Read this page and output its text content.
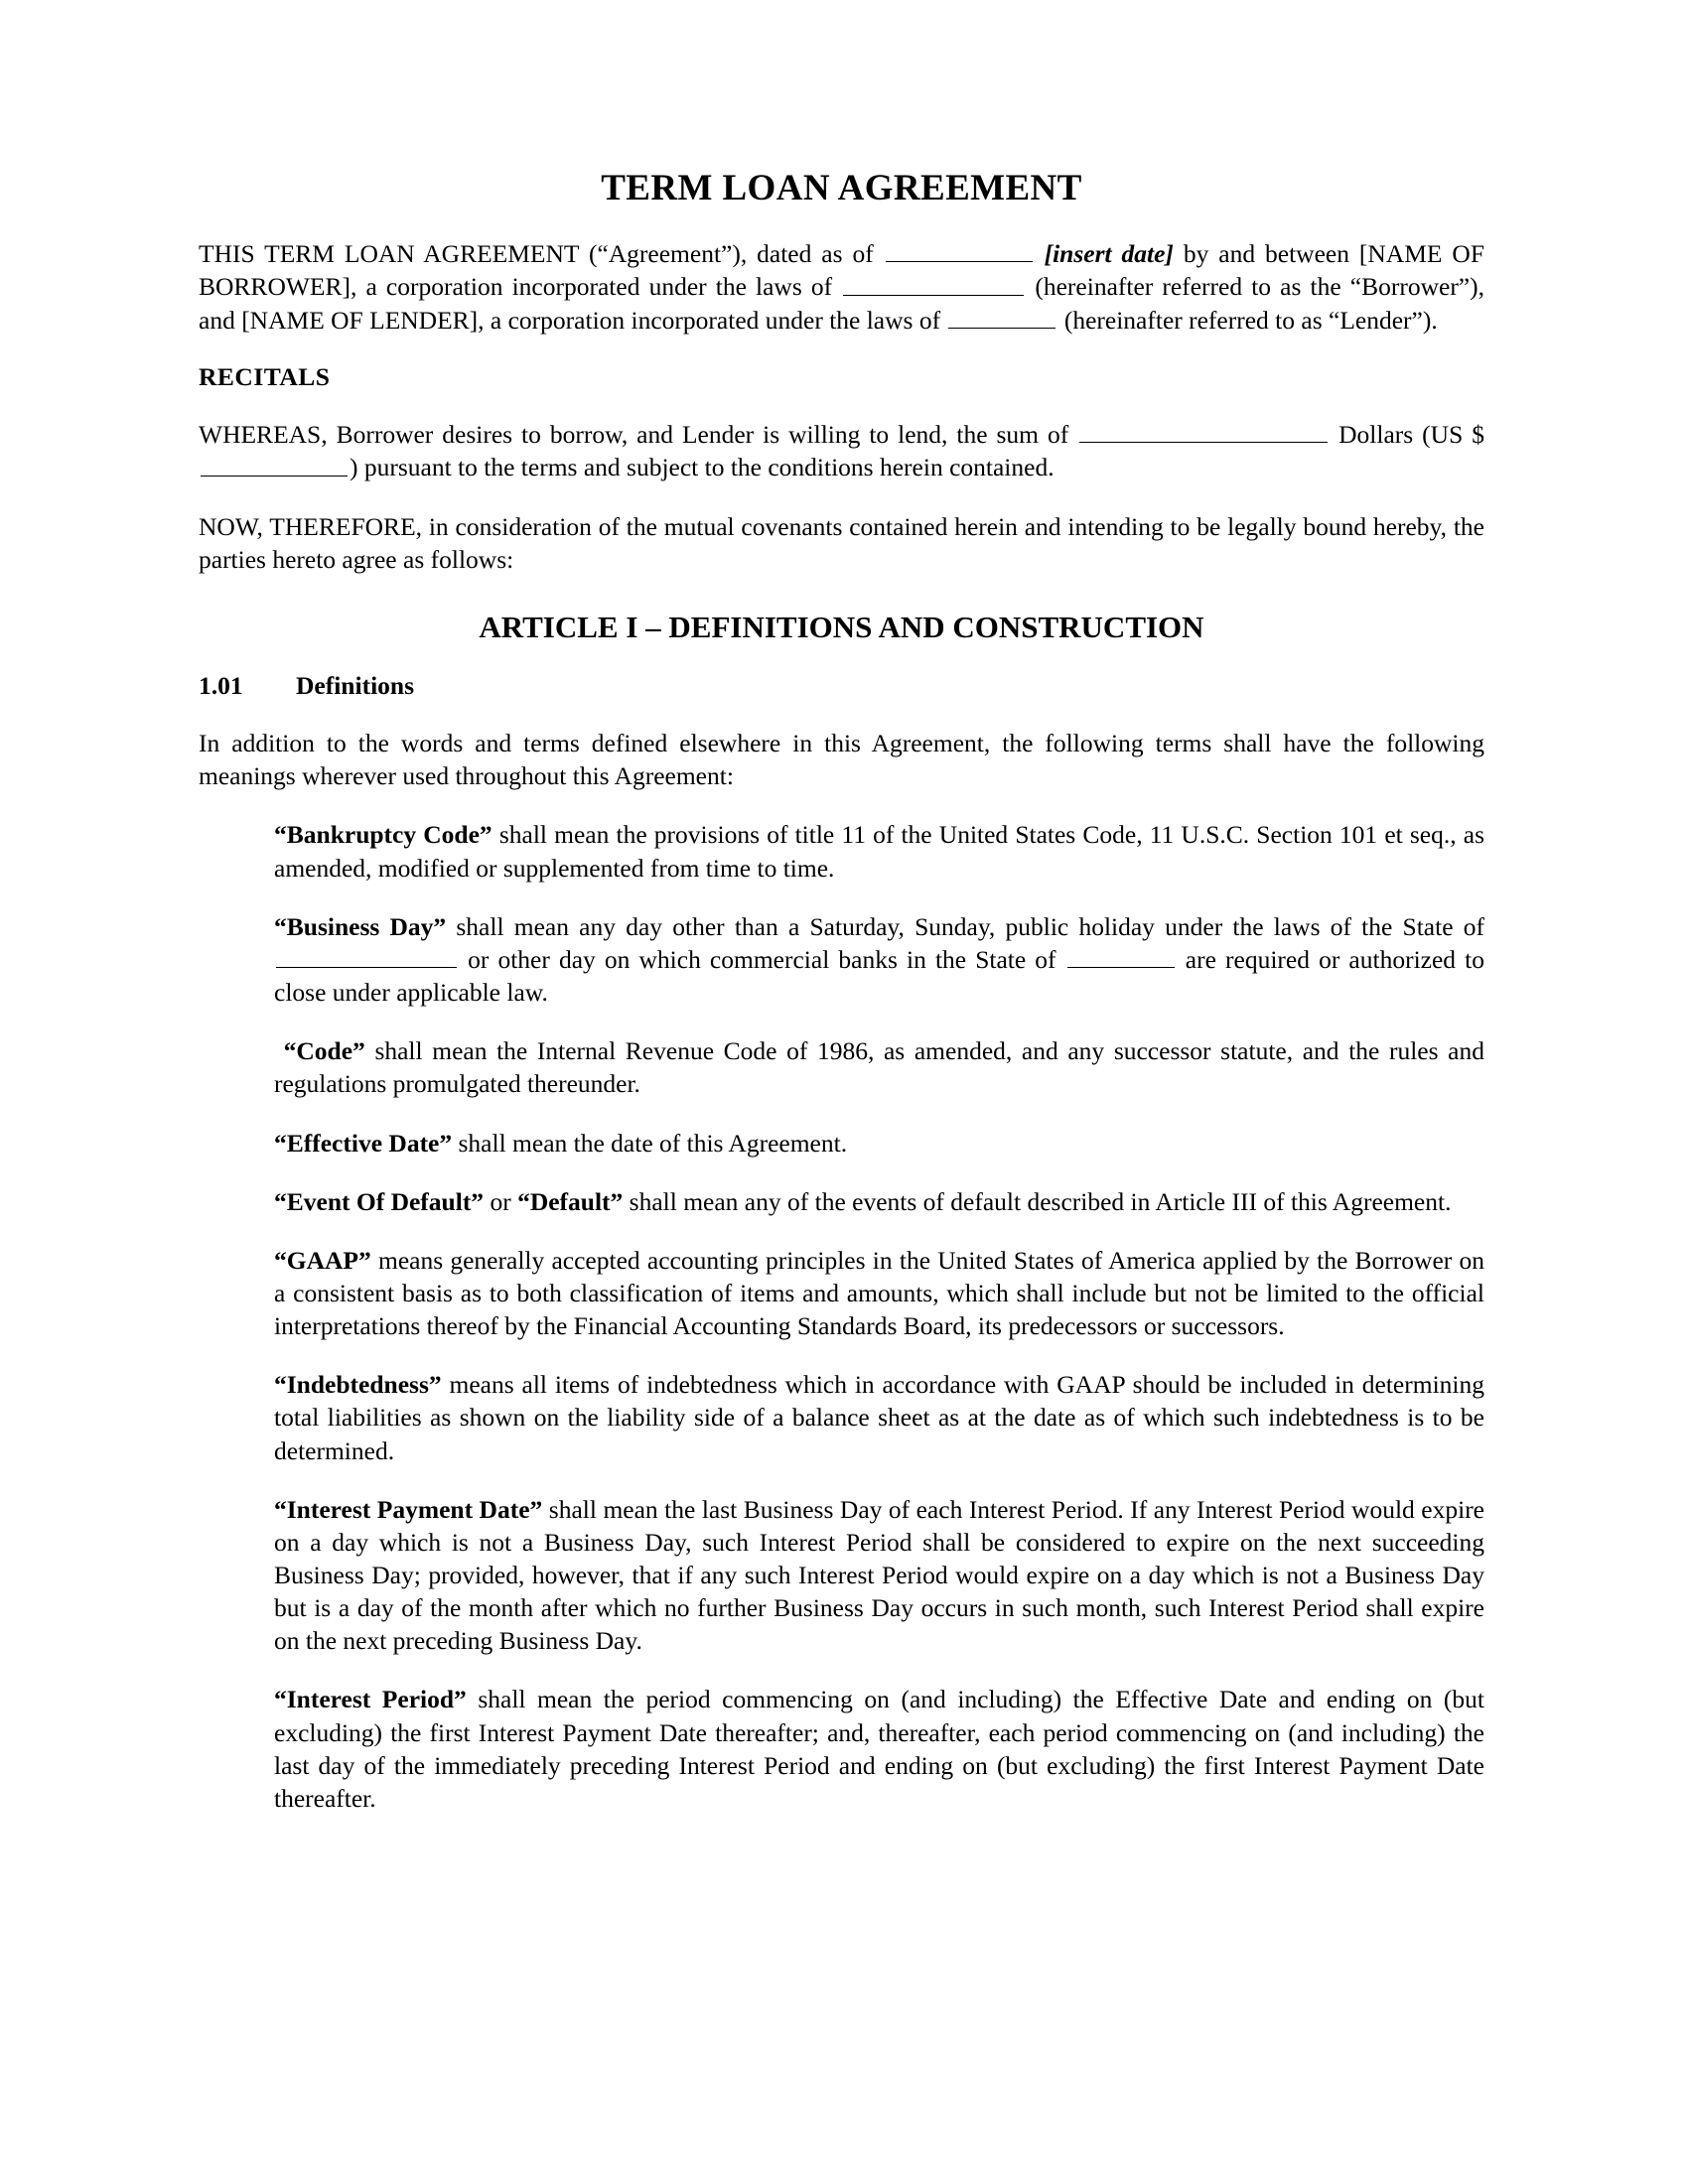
TERM LOAN AGREEMENT

THIS TERM LOAN AGREEMENT (“Agreement”), dated as of	[insert date] by and between [NAME OF BORROWER], a corporation incorporated under the laws of	(hereinafter referred to as the “Borrower”), and [NAME OF LENDER], a corporation incorporated under the laws of	(hereinafter referred to as “Lender”).

RECITALS

WHEREAS, Borrower desires to borrow, and Lender is willing to lend, the sum of	Dollars (US $) pursuant to the terms and subject to the conditions herein contained.

NOW, THEREFORE, in consideration of the mutual covenants contained herein and intending to be legally bound hereby, the parties hereto agree as follows:

ARTICLE I – DEFINITIONS AND CONSTRUCTION
1.01	Definitions

In addition to the words and terms defined elsewhere in this Agreement, the following terms shall have the following meanings wherever used throughout this Agreement:

“Bankruptcy Code” shall mean the provisions of title 11 of the United States Code, 11 U.S.C. Section 101 et seq., as amended, modified or supplemented from time to time.

“Business Day” shall mean any day other than a Saturday, Sunday, public holiday under the laws of the State of  or other day on which commercial banks in the State of	are required or authorized to close under applicable law.

“Code” shall mean the Internal Revenue Code of 1986, as amended, and any successor statute, and the rules and regulations promulgated thereunder.

“Effective Date” shall mean the date of this Agreement.

“Event Of Default” or “Default” shall mean any of the events of default described in Article III of this Agreement.

“GAAP” means generally accepted accounting principles in the United States of America applied by the Borrower on a consistent basis as to both classification of items and amounts, which shall include but not be limited to the official interpretations thereof by the Financial Accounting Standards Board, its predecessors or successors.

“Indebtedness” means all items of indebtedness which in accordance with GAAP should be included in determining total liabilities as shown on the liability side of a balance sheet as at the date as of which such indebtedness is to be determined.

“Interest Payment Date” shall mean the last Business Day of each Interest Period. If any Interest Period would expire on a day which is not a Business Day, such Interest Period shall be considered to expire on the next succeeding Business Day; provided, however, that if any such Interest Period would expire on a day which is not a Business Day but is a day of the month after which no further Business Day occurs in such month, such Interest Period shall expire on the next preceding Business Day.

“Interest Period” shall mean the period commencing on (and including) the Effective Date and ending on (but excluding) the first Interest Payment Date thereafter; and, thereafter, each period commencing on (and including) the last day of the immediately preceding Interest Period and ending on (but excluding) the first Interest Payment Date thereafter.
